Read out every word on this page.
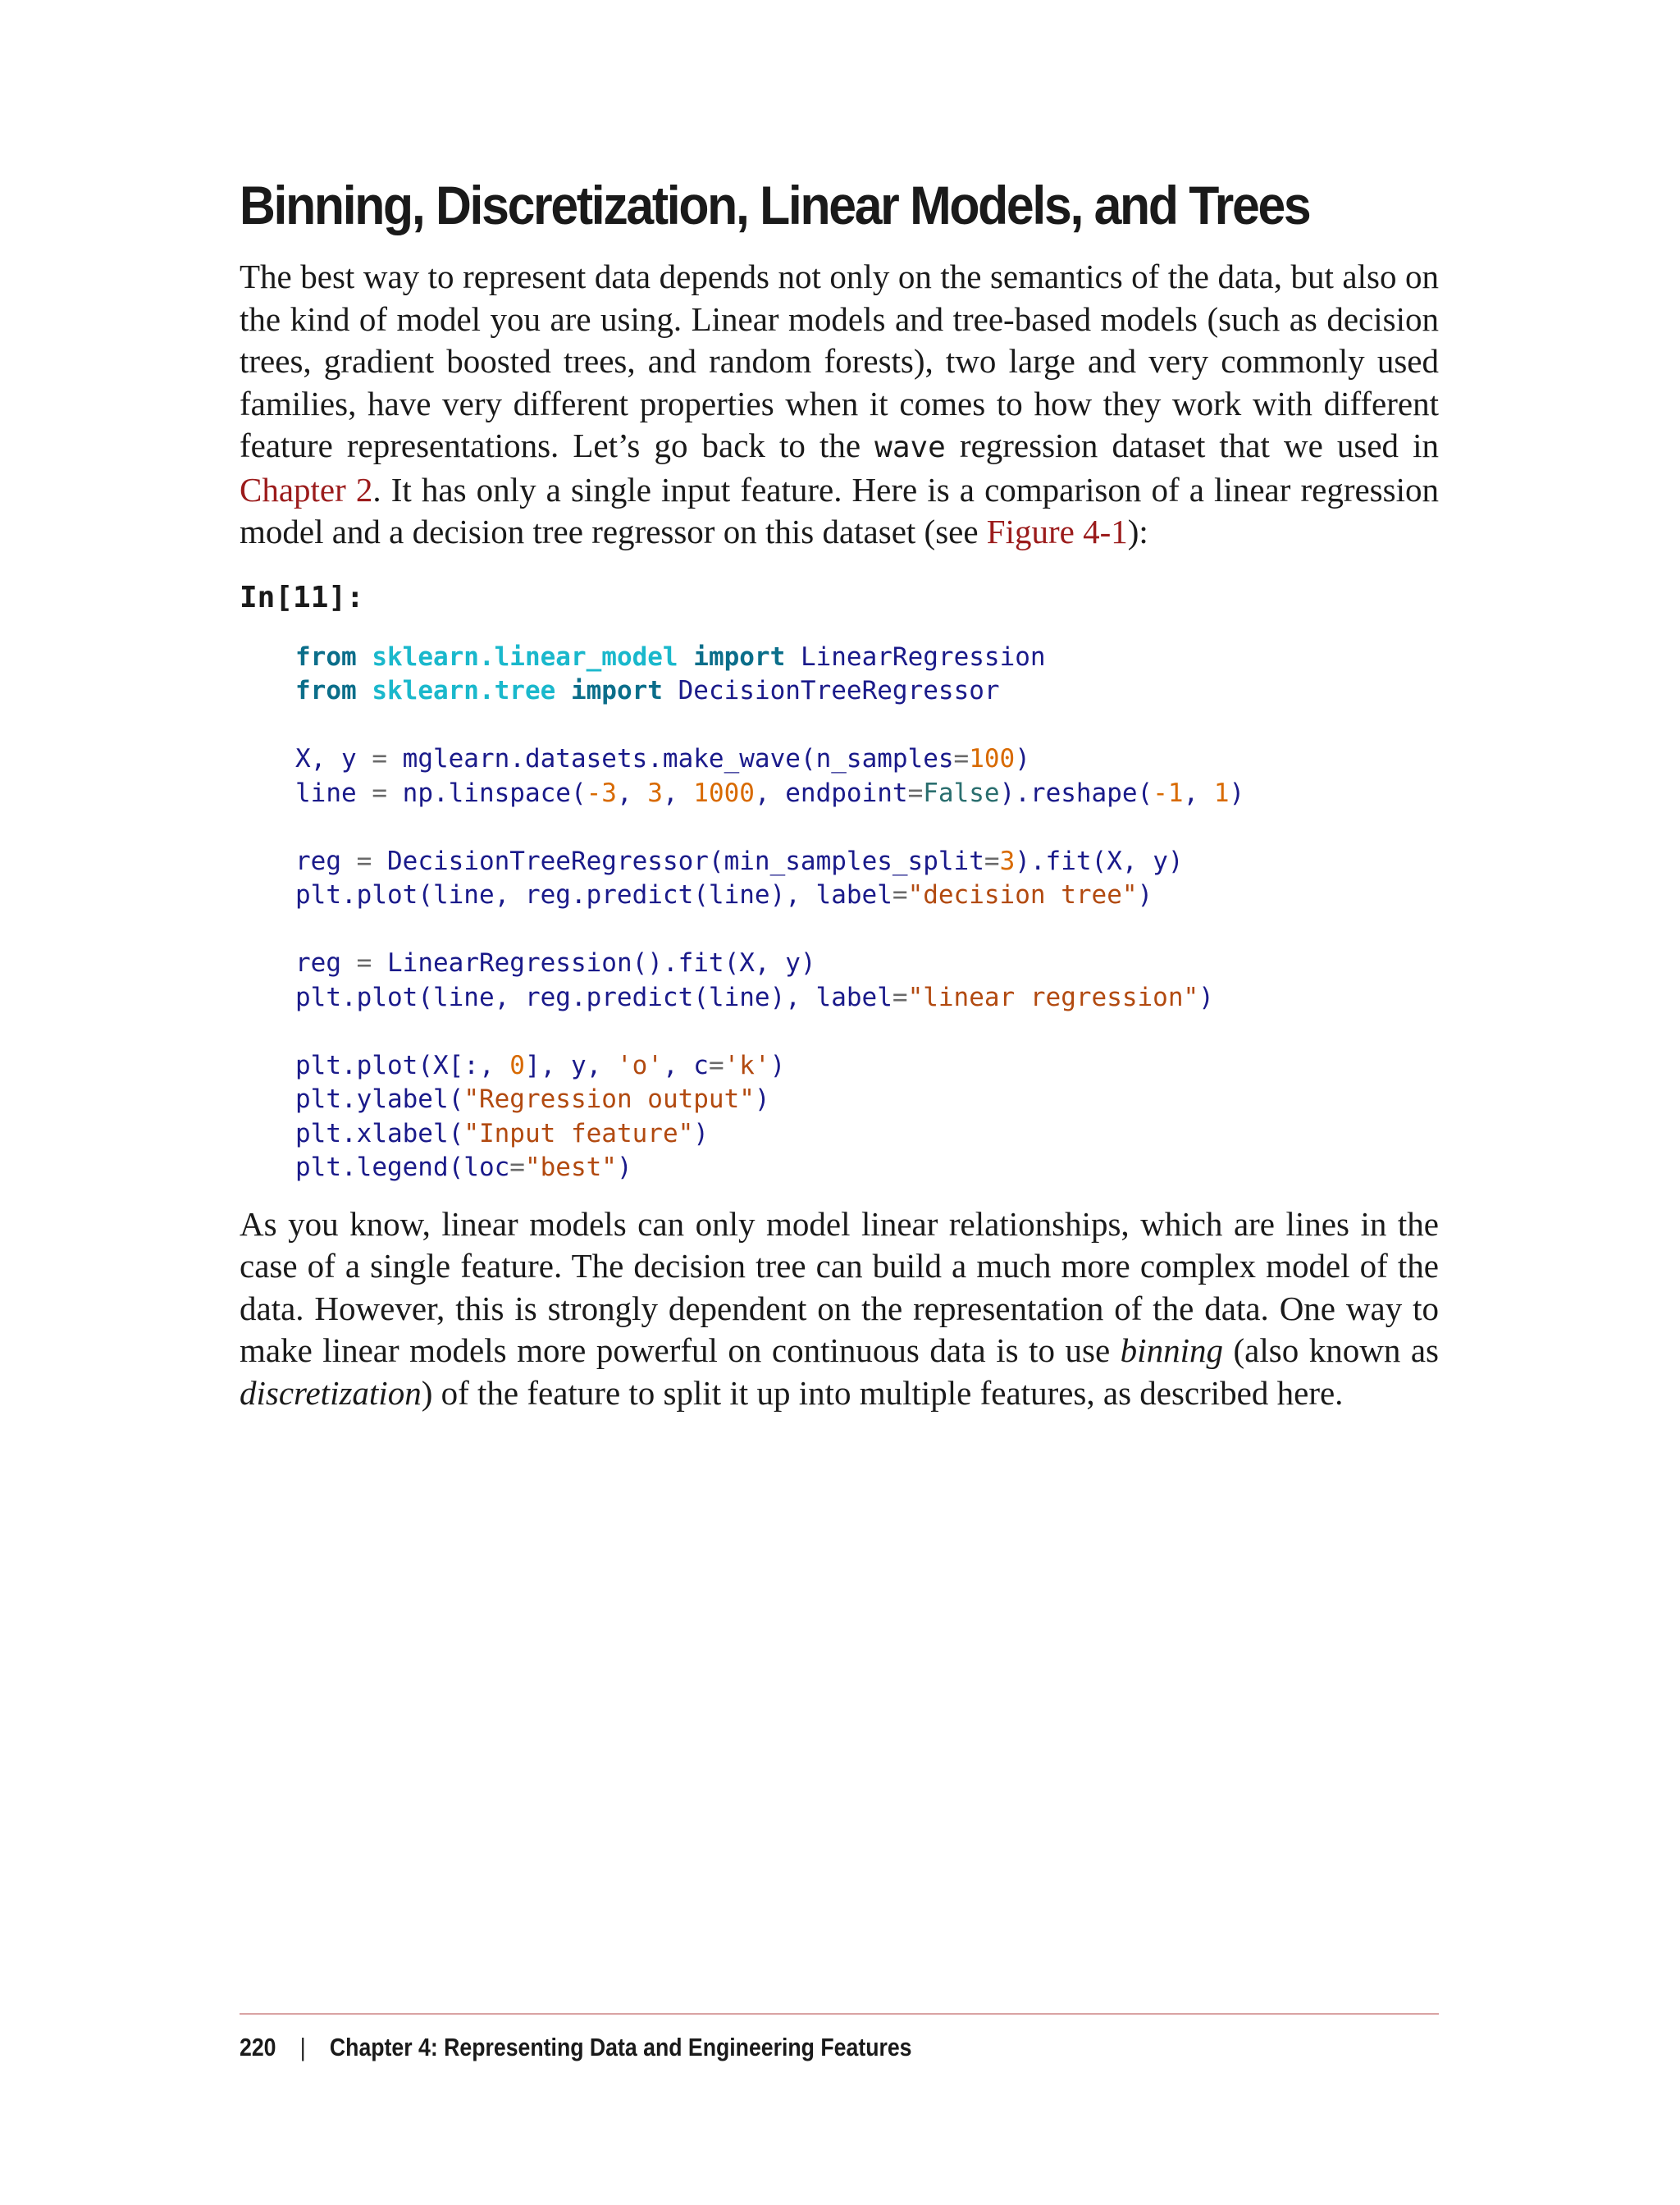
Binning, Discretization, Linear Models, and Trees

The best way to represent data depends not only on the semantics of the data, but also on the kind of model you are using. Linear models and tree-based models (such as decision trees, gradient boosted trees, and random forests), two large and very commonly used families, have very different properties when it comes to how they work with different feature representations. Let’s go back to the wave regression dataset that we used in Chapter 2. It has only a single input feature. Here is a comparison of a linear regression model and a decision tree regressor on this dataset (see Figure 4-1):

In[11]:
from sklearn.linear_model import LinearRegression
from sklearn.tree import DecisionTreeRegressor

X, y = mglearn.datasets.make_wave(n_samples=100)
line = np.linspace(-3, 3, 1000, endpoint=False).reshape(-1, 1)

reg = DecisionTreeRegressor(min_samples_split=3).fit(X, y)
plt.plot(line, reg.predict(line), label="decision tree")

reg = LinearRegression().fit(X, y)
plt.plot(line, reg.predict(line), label="linear regression")

plt.plot(X[:, 0], y, 'o', c='k')
plt.ylabel("Regression output")
plt.xlabel("Input feature")
plt.legend(loc="best")

As you know, linear models can only model linear relationships, which are lines in the case of a single feature. The decision tree can build a much more complex model of the data. However, this is strongly dependent on the representation of the data. One way to make linear models more powerful on continuous data is to use binning (also known as discretization) of the feature to split it up into multiple features, as described here.

220 | Chapter 4: Representing Data and Engineering Features
